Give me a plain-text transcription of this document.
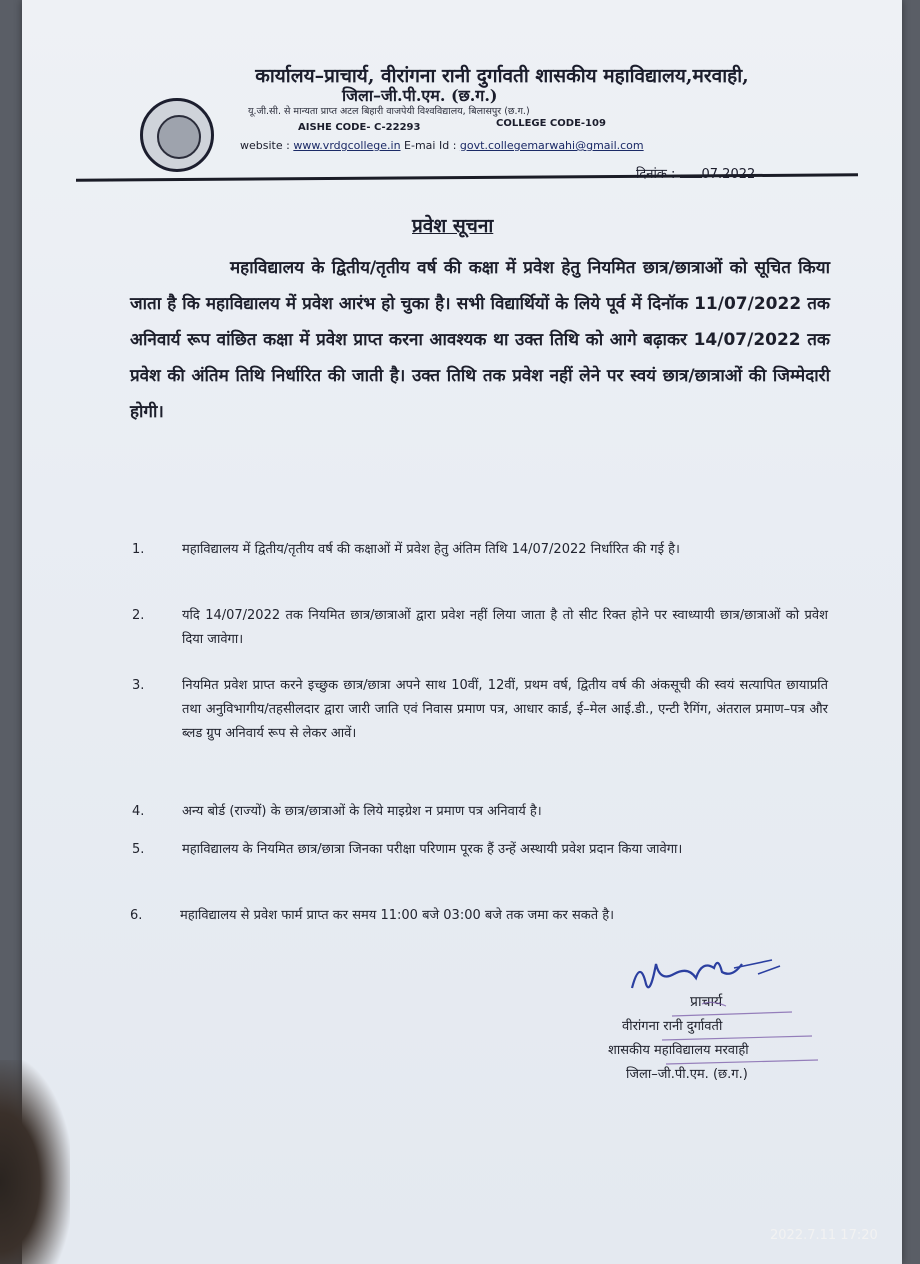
कार्यालय–प्राचार्य, वीरांगना रानी दुर्गावती शासकीय महाविद्यालय,मरवाही,
जिला–जी.पी.एम. (छ.ग.)
यू.जी.सी. से मान्यता प्राप्त अटल बिहारी वाजपेयी विश्वविद्यालय, बिलासपुर (छ.ग.)
AISHE CODE- C-22293	COLLEGE CODE-109
website : www.vrdgcollege.in E-mai Id : govt.collegemarwahi@gmail.com
दिनांक : 07.2022
प्रवेश सूचना

महाविद्यालय के द्वितीय/तृतीय वर्ष की कक्षा में प्रवेश हेतु नियमित छात्र/छात्राओं को सूचित किया जाता है कि महाविद्यालय में प्रवेश आरंभ हो चुका है। सभी विद्यार्थियों के लिये पूर्व में दिनॉक 11/07/2022 तक अनिवार्य रूप वांछित कक्षा में प्रवेश प्राप्त करना आवश्यक था उक्त तिथि को आगे बढ़ाकर 14/07/2022 तक प्रवेश की अंतिम तिथि निर्धारित की जाती है। उक्त तिथि तक प्रवेश नहीं लेने पर स्वयं छात्र/छात्राओं की जिम्मेदारी होगी।

1.	महाविद्यालय में द्वितीय/तृतीय वर्ष की कक्षाओं में प्रवेश हेतु अंतिम तिथि 14/07/2022 निर्धारित की गई है।
2.	यदि 14/07/2022 तक नियमित छात्र/छात्राओं द्वारा प्रवेश नहीं लिया जाता है तो सीट रिक्त होने पर स्वाध्यायी छात्र/छात्राओं को प्रवेश दिया जावेगा।
3.	नियमित प्रवेश प्राप्त करने इच्छुक छात्र/छात्रा अपने साथ 10वीं, 12वीं, प्रथम वर्ष, द्वितीय वर्ष की अंकसूची की स्वयं सत्यापित छायाप्रति तथा अनुविभागीय/तहसीलदार द्वारा जारी जाति एवं निवास प्रमाण पत्र, आधार कार्ड, ई–मेल आई.डी., एन्टी रैगिंग, अंतराल प्रमाण–पत्र और ब्लड ग्रुप अनिवार्य रूप से लेकर आवें।
4.	अन्य बोर्ड (राज्यों) के छात्र/छात्राओं के लिये माइग्रेश न प्रमाण पत्र अनिवार्य है।
5.	महाविद्यालय के नियमित छात्र/छात्रा जिनका परीक्षा परिणाम पूरक हैं उन्हें अस्थायी प्रवेश प्रदान किया जावेगा।
6.	महाविद्यालय से प्रवेश फार्म प्राप्त कर समय 11:00 बजे 03:00 बजे तक जमा कर सकते है।
प्राचार्य
वीरांगना रानी दुर्गावती
शासकीय महाविद्यालय मरवाही
जिला–जी.पी.एम. (छ.ग.)
2022.7.11 17:20
